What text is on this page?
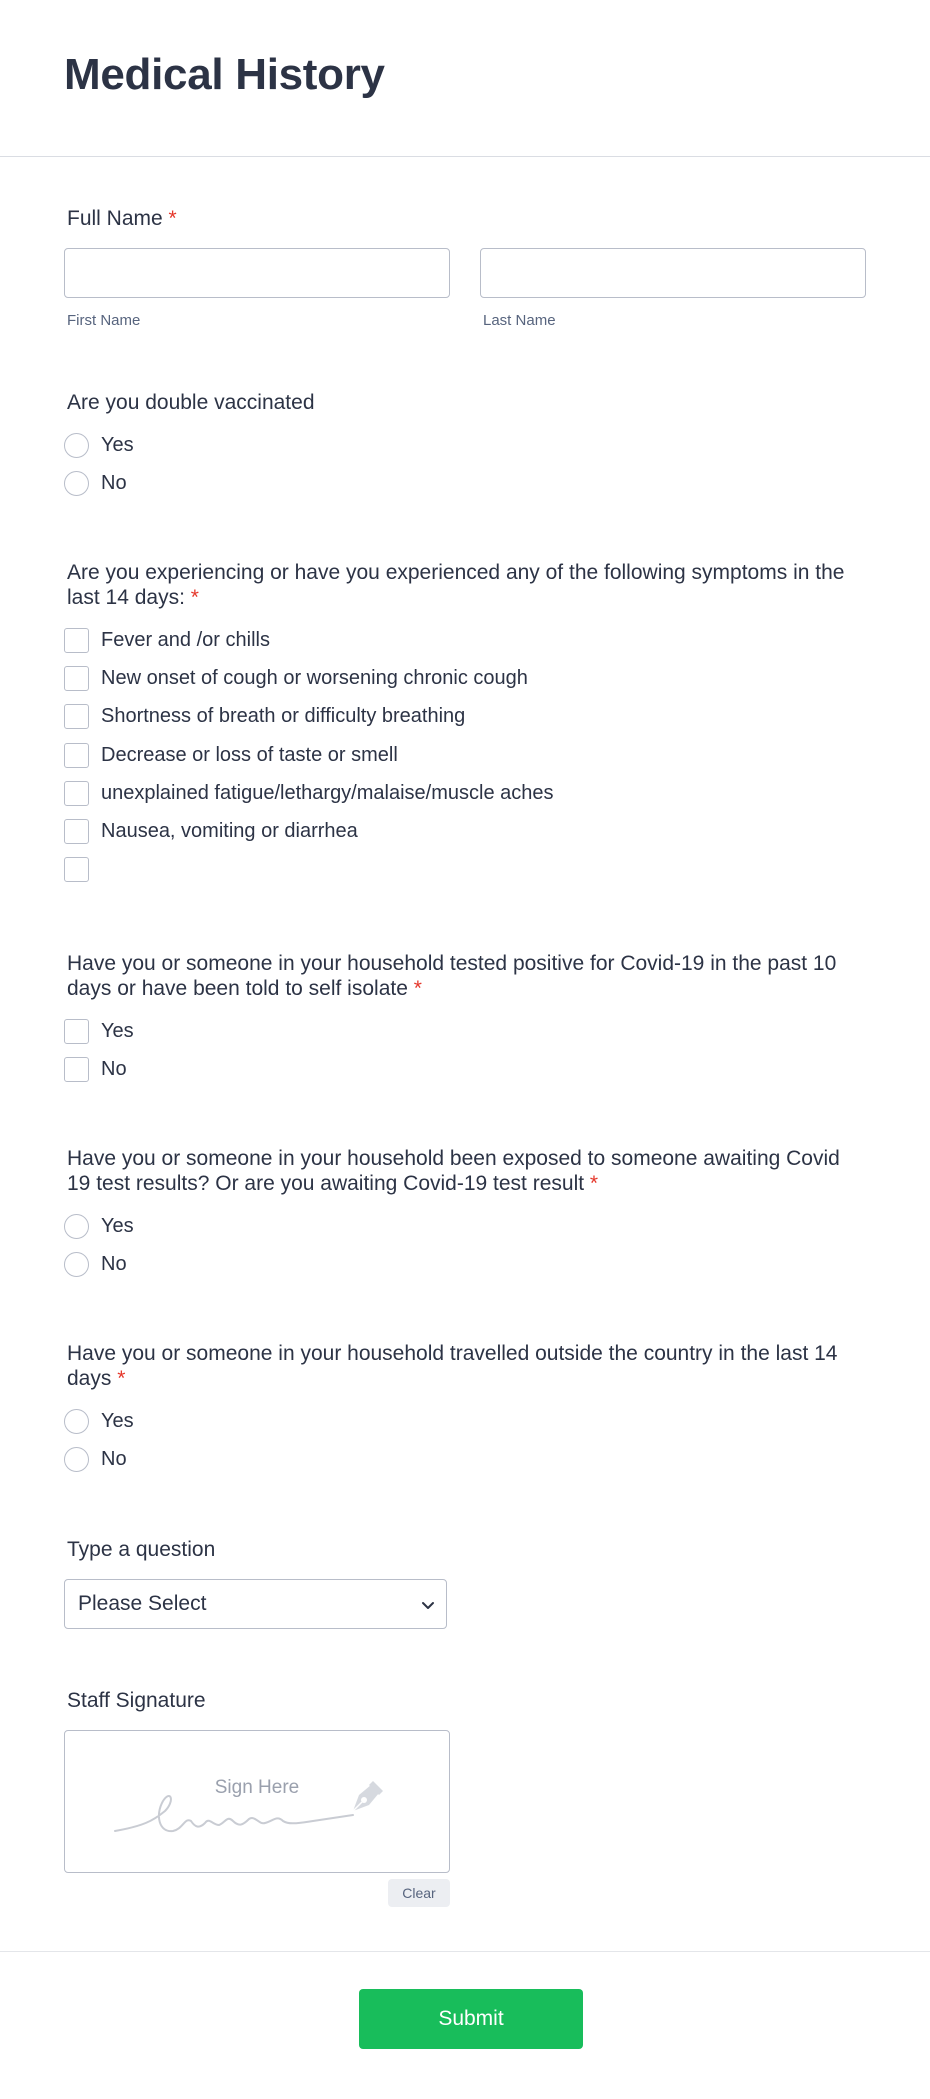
Medical History
Full Name *
First Name	Last Name
Are you double vaccinated
Yes
No
Are you experiencing or have you experienced any of the following symptoms in the last 14 days: *
Fever and /or chills
New onset of cough or worsening chronic cough
Shortness of breath or difficulty breathing
Decrease or loss of taste or smell
unexplained fatigue/lethargy/malaise/muscle aches
Nausea, vomiting or diarrhea
Have you or someone in your household tested positive for Covid-19 in the past 10 days or have been told to self isolate *
Yes
No
Have you or someone in your household been exposed to someone awaiting Covid 19 test results? Or are you awaiting Covid-19 test result *
Yes
No
Have you or someone in your household travelled outside the country in the last 14 days *
Yes
No
Type a question
Please Select
Staff Signature
Sign Here
Clear
Submit
